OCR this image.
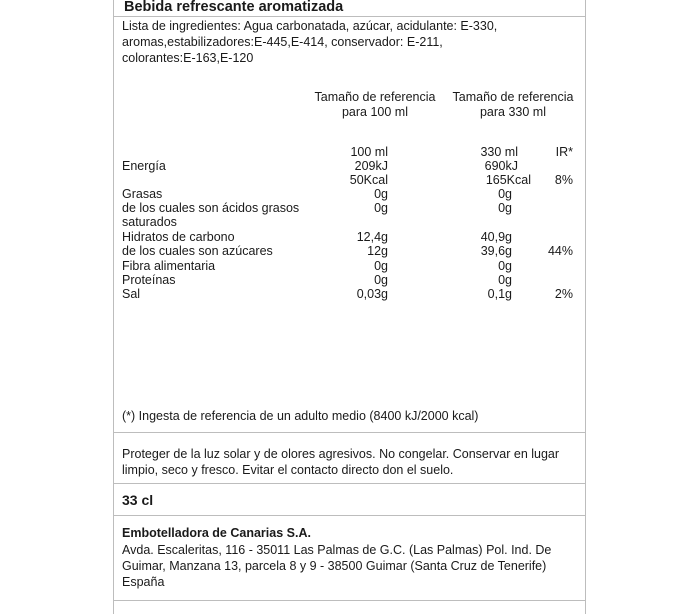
Bebida refrescante aromatizada
Lista de ingredientes: Agua carbonatada, azúcar, acidulante: E-330,
aromas,estabilizadores:E-445,E-414, conservador: E-211,
colorantes:E-163,E-120
Tamaño de referencia
para 100 ml
Tamaño de referencia
para 330 ml
100 ml	330 ml	IR*
Energía	209kJ	690kJ
50Kcal	165Kcal	8%
Grasas	0g	0g
de los cuales son ácidos grasos
saturados
0g	0g
Hidratos de carbono	12,4g	40,9g
de los cuales son azúcares	12g	39,6g	44%
Fibra alimentaria	0g	0g
Proteínas	0g	0g
Sal	0,03g	0,1g	2%
(*) Ingesta de referencia de un adulto medio (8400 kJ/2000 kcal)
Proteger de la luz solar y de olores agresivos. No congelar. Conservar en lugar
limpio, seco y fresco. Evitar el contacto directo don el suelo.
33 cl
Embotelladora de Canarias S.A.
Avda. Escaleritas, 116 - 35011 Las Palmas de G.C. (Las Palmas) Pol. Ind. De
Guimar, Manzana 13, parcela 8 y 9 - 38500 Guimar (Santa Cruz de Tenerife)
España
